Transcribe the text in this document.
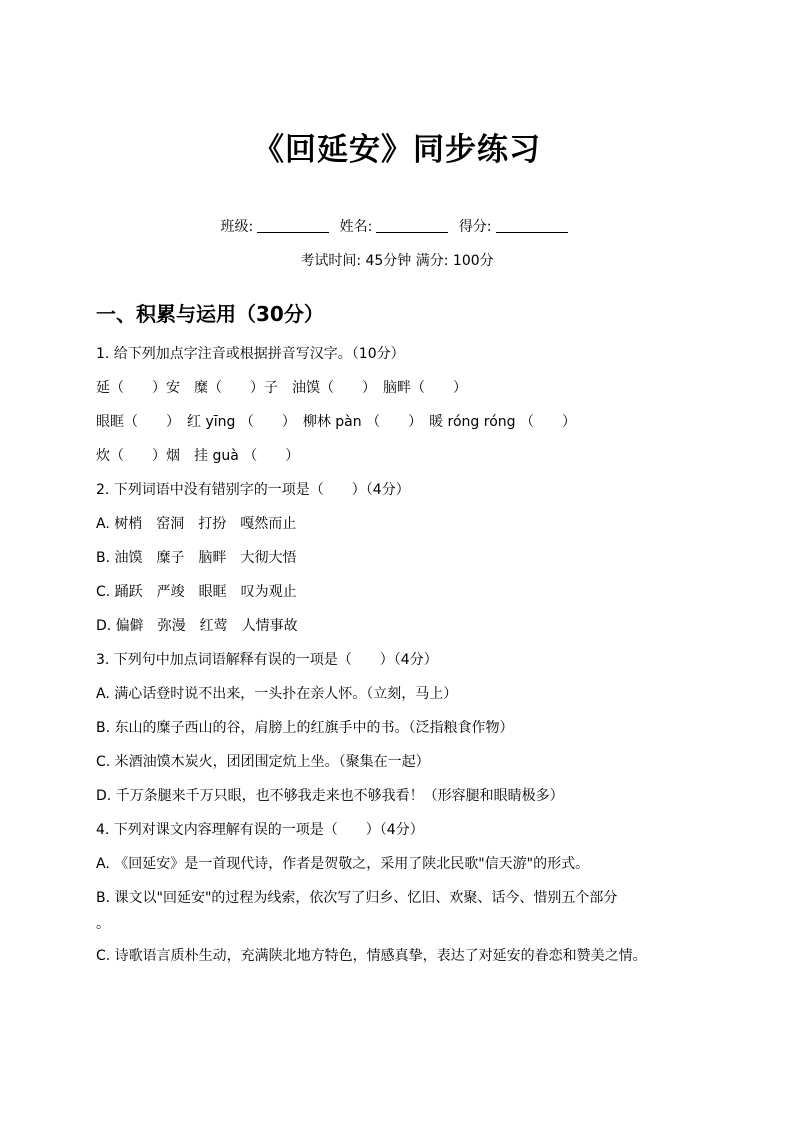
《回延安》同步练习
班级:	姓名:	得分:
考试时间: 45分钟 满分: 100分
一、积累与运用（30分）
1. 给下列加点字注音或根据拼音写汉字。（10分）
延（　　）安　糜（　　）子　油馍（　　）　脑畔（　　）
眼眶（　　）　红 yīng （　　）　柳林 pàn （　　）　暖 róng róng （　　）
炊（　　）烟　挂 guà （　　）
2. 下列词语中没有错别字的一项是（　　）（4分）
A. 树梢　窑洞　打扮　嘎然而止
B. 油馍　糜子　脑畔　大彻大悟
C. 踊跃　严竣　眼眶　叹为观止
D. 偏僻　弥漫　红莺　人情事故
3. 下列句中加点词语解释有误的一项是（　　）（4分）
A. 满心话登时说不出来，一头扑在亲人怀。（立刻，马上）
B. 东山的糜子西山的谷，肩膀上的红旗手中的书。（泛指粮食作物）
C. 米酒油馍木炭火，团团围定炕上坐。（聚集在一起）
D. 千万条腿来千万只眼，也不够我走来也不够我看！（形容腿和眼睛极多）
4. 下列对课文内容理解有误的一项是（　　）（4分）
A. 《回延安》是一首现代诗，作者是贺敬之，采用了陕北民歌"信天游"的形式。
B. 课文以"回延安"的过程为线索，依次写了归乡、忆旧、欢聚、话今、惜别五个部分
。
C. 诗歌语言质朴生动，充满陕北地方特色，情感真挚，表达了对延安的眷恋和赞美之情。
